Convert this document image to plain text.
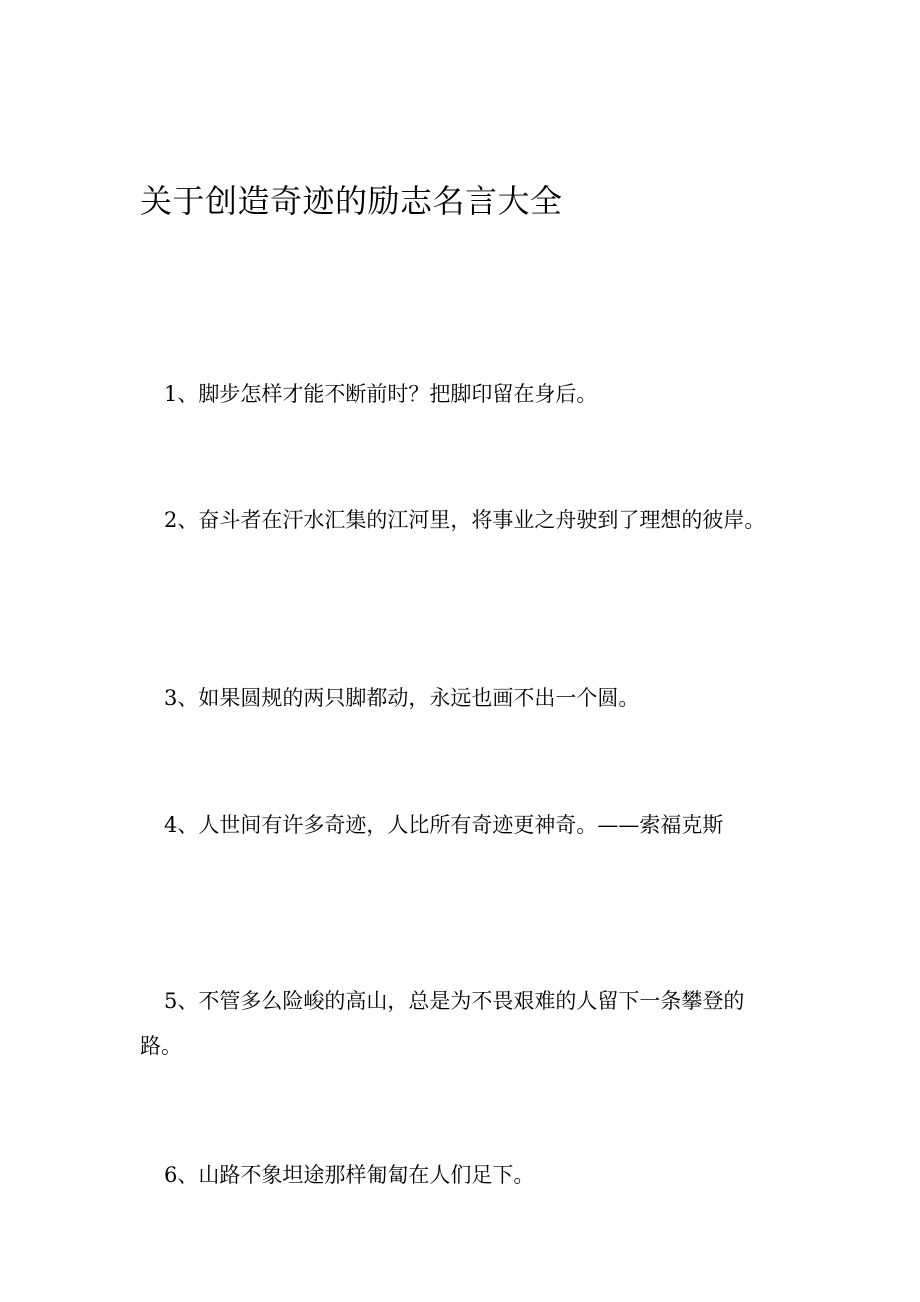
关于创造奇迹的励志名言大全

1、脚步怎样才能不断前时？把脚印留在身后。

2、奋斗者在汗水汇集的江河里，将事业之舟驶到了理想的彼岸。

3、如果圆规的两只脚都动，永远也画不出一个圆。

4、人世间有许多奇迹，人比所有奇迹更神奇。——索福克斯

5、不管多么险峻的高山，总是为不畏艰难的人留下一条攀登的路。

6、山路不象坦途那样匍匐在人们足下。
